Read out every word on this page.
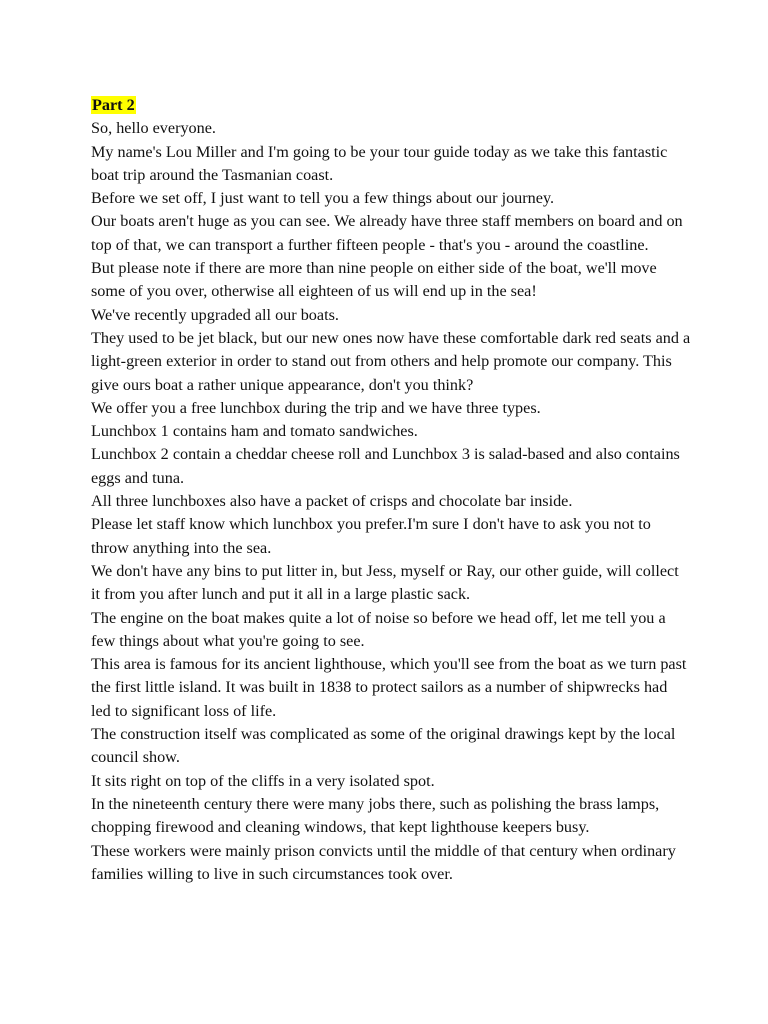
Part 2

So, hello everyone.

My name's Lou Miller and I'm going to be your tour guide today as we take this fantastic boat trip around the Tasmanian coast.

Before we set off, I just want to tell you a few things about our journey.

Our boats aren't huge as you can see. We already have three staff members on board and on top of that, we can transport a further fifteen people - that's you - around the coastline.

But please note if there are more than nine people on either side of the boat, we'll move some of you over, otherwise all eighteen of us will end up in the sea!

We've recently upgraded all our boats.

They used to be jet black, but our new ones now have these comfortable dark red seats and a light-green exterior in order to stand out from others and help promote our company. This give ours boat a rather unique appearance, don't you think?

We offer you a free lunchbox during the trip and we have three types.

Lunchbox 1 contains ham and tomato sandwiches.

Lunchbox 2 contain a cheddar cheese roll and Lunchbox 3 is salad-based and also contains eggs and tuna.

All three lunchboxes also have a packet of crisps and chocolate bar inside.

Please let staff know which lunchbox you prefer.I'm sure I don't have to ask you not to throw anything into the sea.

We don't have any bins to put litter in, but Jess, myself or Ray, our other guide, will collect it from you after lunch and put it all in a large plastic sack.

The engine on the boat makes quite a lot of noise so before we head off, let me tell you a few things about what you're going to see.

This area is famous for its ancient lighthouse, which you'll see from the boat as we turn past the first little island. It was built in 1838 to protect sailors as a number of shipwrecks had led to significant loss of life.

The construction itself was complicated as some of the original drawings kept by the local council show.

It sits right on top of the cliffs in a very isolated spot.

In the nineteenth century there were many jobs there, such as polishing the brass lamps, chopping firewood and cleaning windows, that kept lighthouse keepers busy.

These workers were mainly prison convicts until the middle of that century when ordinary families willing to live in such circumstances took over.
